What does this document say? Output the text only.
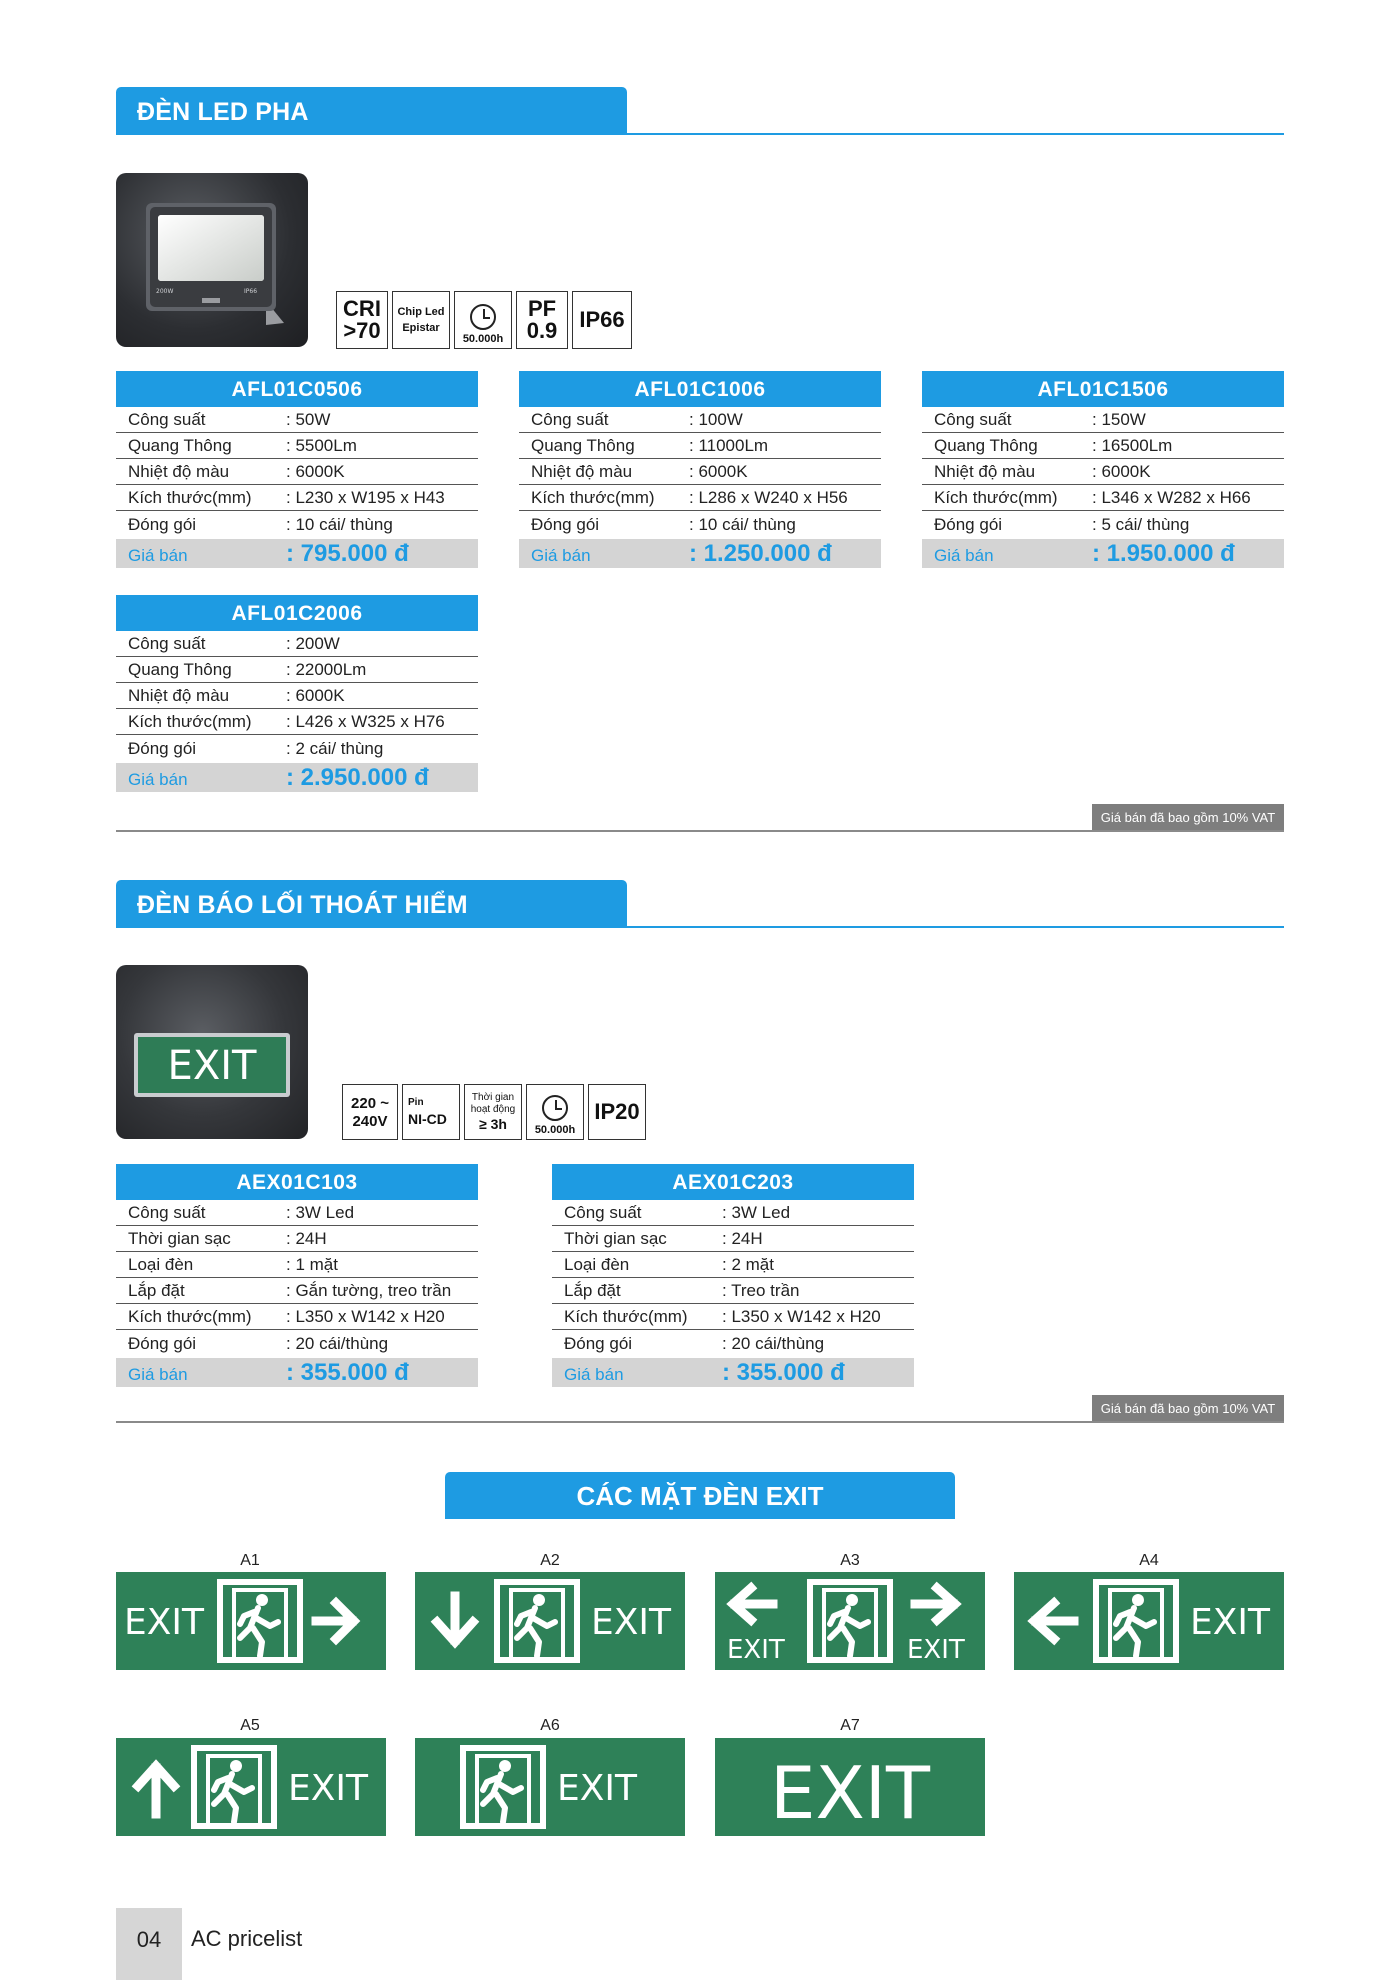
ĐÈN LED PHA
200W	IP66
CRI
>70
Chip Led
Epistar
50.000h
PF
0.9 IP66
AFL01C0506
Công suất	: 50W
Quang Thông	: 5500Lm
Nhiệt độ màu	: 6000K
Kích thước(mm)	: L230 x W195 x H43
Đóng gói	: 10 cái/ thùng
Giá bán	: 795.000 đ
AFL01C1006
Công suất	: 100W
Quang Thông	: 11000Lm
Nhiệt độ màu	: 6000K
Kích thước(mm)	: L286 x W240 x H56
Đóng gói	: 10 cái/ thùng
Giá bán	: 1.250.000 đ
AFL01C1506
Công suất	: 150W
Quang Thông	: 16500Lm
Nhiệt độ màu	: 6000K
Kích thước(mm)	: L346 x W282 x H66
Đóng gói	: 5 cái/ thùng
Giá bán	: 1.950.000 đ
AFL01C2006
Công suất	: 200W
Quang Thông	: 22000Lm
Nhiệt độ màu	: 6000K
Kích thước(mm)	: L426 x W325 x H76
Đóng gói	: 2 cái/ thùng
Giá bán	: 2.950.000 đ
Giá bán đã bao gồm 10% VAT
ĐÈN BÁO LỐI THOÁT HIỂM
EXIT
220 ~
240V
Pin
NI-CD
Thời gian
hoạt động
≥ 3h	50.000h
IP20
AEX01C103
Công suất	: 3W Led
Thời gian sạc	: 24H
Loại đèn	: 1 mặt
Lắp đặt	: Gắn tường, treo trần
Kích thước(mm)	: L350 x W142 x H20
Đóng gói	: 20 cái/thùng
Giá bán	: 355.000 đ
AEX01C203
Công suất	: 3W Led
Thời gian sạc	: 24H
Loại đèn	: 2 mặt
Lắp đặt	: Treo trần
Kích thước(mm)	: L350 x W142 x H20
Đóng gói	: 20 cái/thùng
Giá bán	: 355.000 đ
Giá bán đã bao gồm 10% VAT
CÁC MẶT ĐÈN EXIT
A1	A2	A3	A4
A5	A6	A7
EXIT	EXIT
EXIT	EXIT
EXIT
EXIT	EXIT EXIT
04	AC pricelist
